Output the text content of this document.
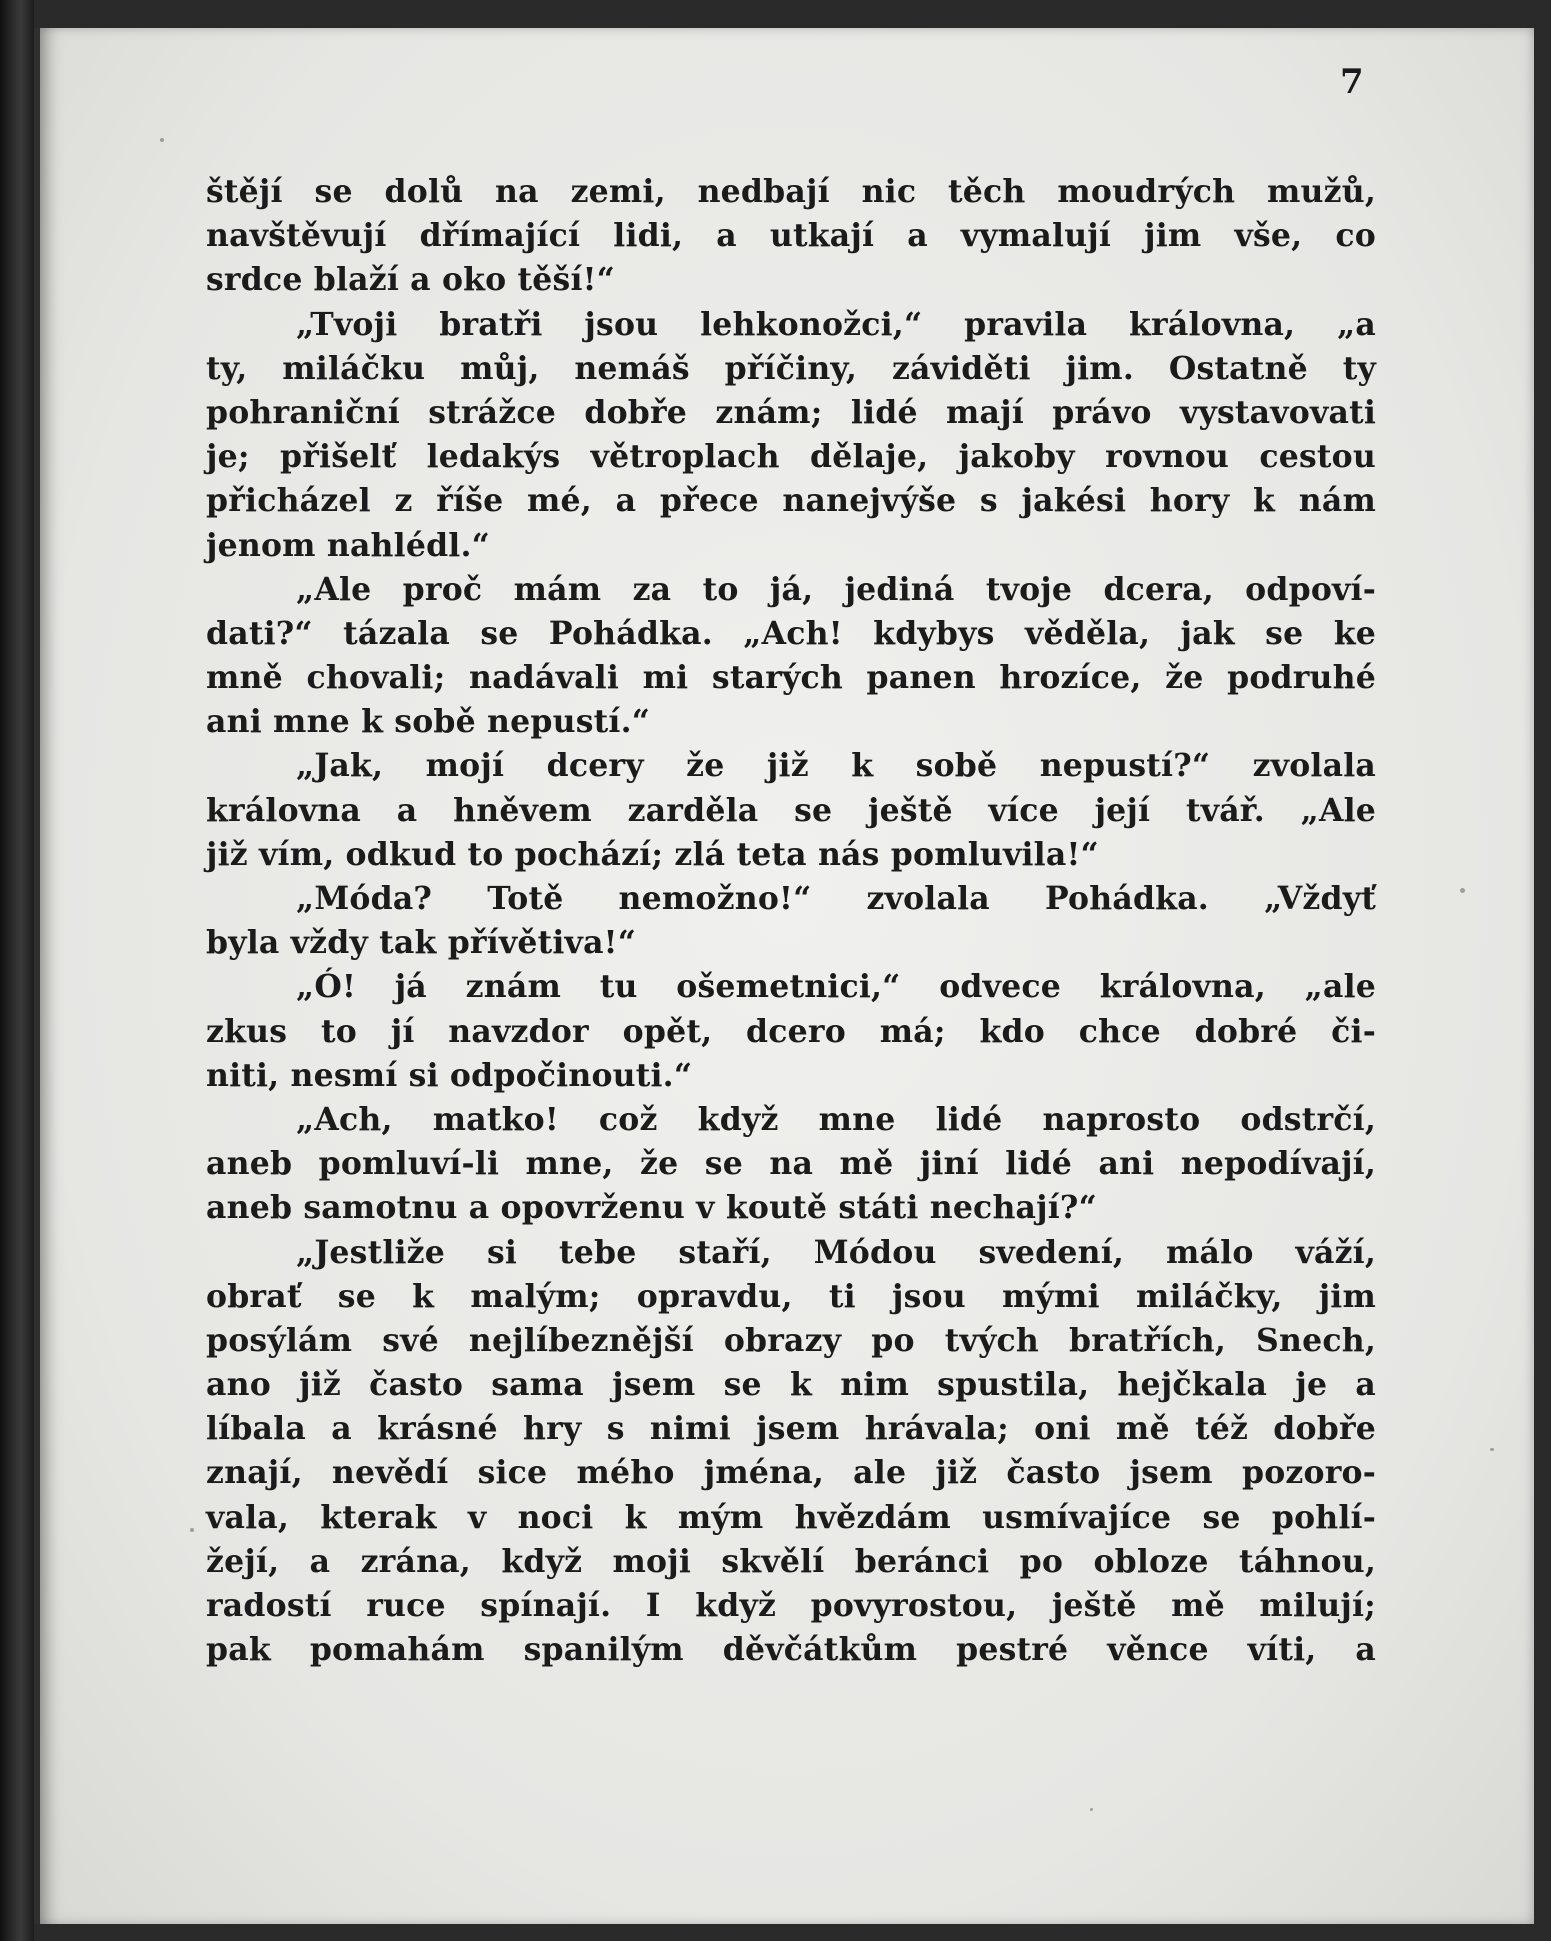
7
štějí se dolů na zemi, nedbají nic těch moudrých mužů,
navštěvují dřímající lidi, a utkají a vymalují jim vše, co
srdce blaží a oko těší!“
„Tvoji bratři jsou lehkonožci,“ pravila královna, „a
ty, miláčku můj, nemáš příčiny, záviděti jim. Ostatně ty
pohraniční strážce dobře znám; lidé mají právo vystavovati
je; přišelť ledakýs větroplach dělaje, jakoby rovnou cestou
přicházel z říše mé, a přece nanejvýše s jakési hory k nám
jenom nahlédl.“
„Ale proč mám za to já, jediná tvoje dcera, odpoví-
dati?“ tázala se Pohádka. „Ach! kdybys věděla, jak se ke
mně chovali; nadávali mi starých panen hrozíce, že podruhé
ani mne k sobě nepustí.“
„Jak, mojí dcery že již k sobě nepustí?“ zvolala
královna a hněvem zarděla se ještě více její tvář. „Ale
již vím, odkud to pochází; zlá teta nás pomluvila!“
„Móda? Totě nemožno!“ zvolala Pohádka. „Vždyť
byla vždy tak přívětiva!“
„Ó! já znám tu ošemetnici,“ odvece královna, „ale
zkus to jí navzdor opět, dcero má; kdo chce dobré či-
niti, nesmí si odpočinouti.“
„Ach, matko! což když mne lidé naprosto odstrčí,
aneb pomluví-li mne, že se na mě jiní lidé ani nepodívají,
aneb samotnu a opovrženu v koutě státi nechají?“
„Jestliže si tebe staří, Módou svedení, málo váží,
obrať se k malým; opravdu, ti jsou mými miláčky, jim
posýlám své nejlíbeznější obrazy po tvých bratřích, Snech,
ano již často sama jsem se k nim spustila, hejčkala je a
líbala a krásné hry s nimi jsem hrávala; oni mě též dobře
znají, nevědí sice mého jména, ale již často jsem pozoro-
vala, kterak v noci k mým hvězdám usmívajíce se pohlí-
žejí, a zrána, když moji skvělí beránci po obloze táhnou,
radostí ruce spínají. I když povyrostou, ještě mě milují;
pak pomahám spanilým děvčátkům pestré věnce víti, a
